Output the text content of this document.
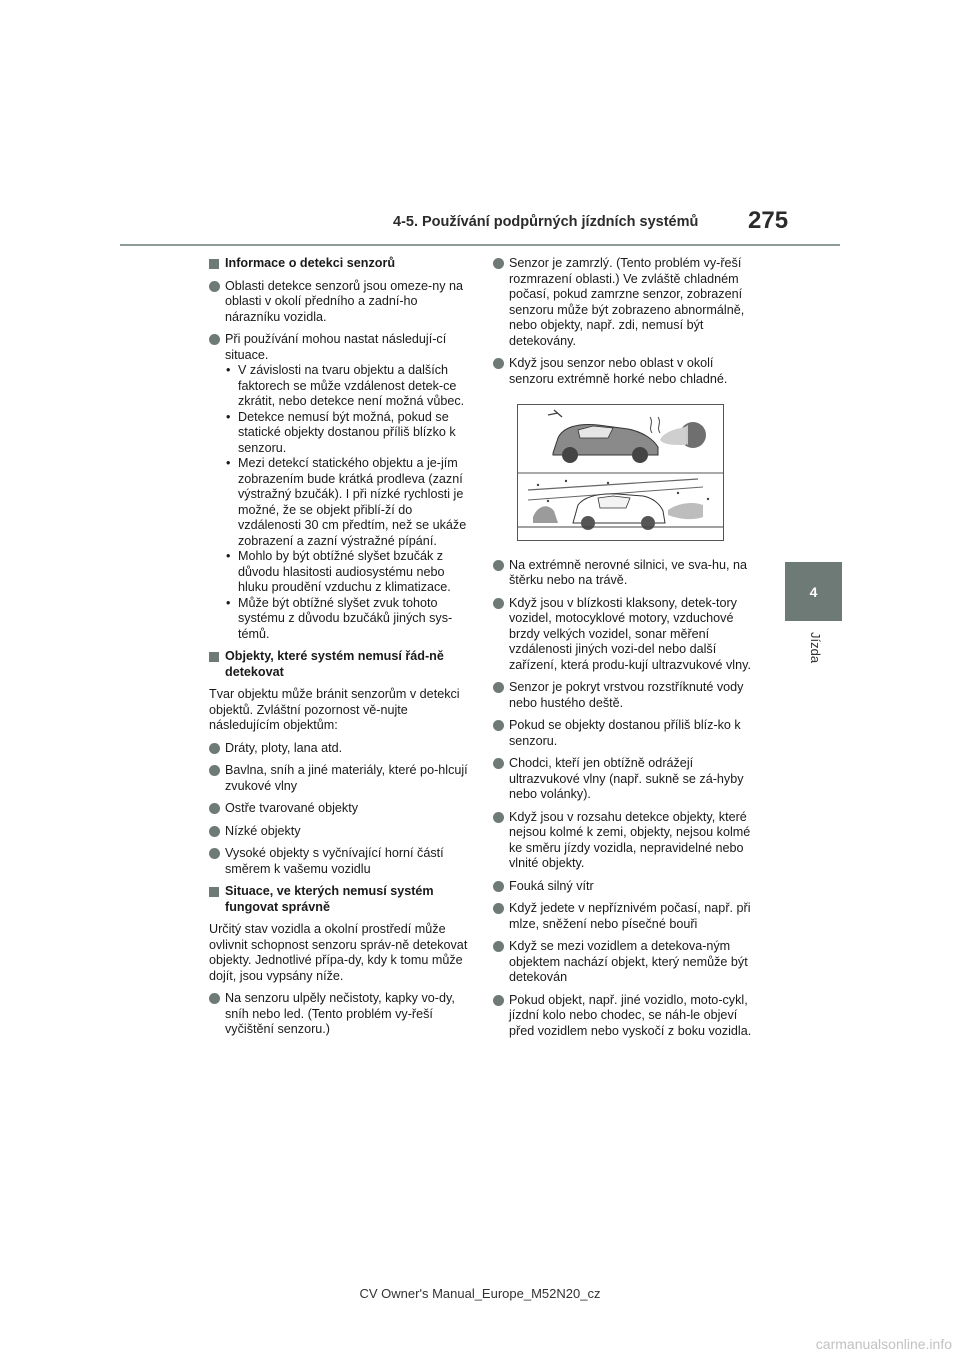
4-5. Používání podpůrných jízdních systémů 275
4
Jízda
Informace o detekci senzorů
Oblasti detekce senzorů jsou omeze-ny na oblasti v okolí předního a zadní-ho nárazníku vozidla.
Při používání mohou nastat následují-cí situace.
• V závislosti na tvaru objektu a dalších faktorech se může vzdálenost detek-ce zkrátit, nebo detekce není možná vůbec.
• Detekce nemusí být možná, pokud se statické objekty dostanou příliš blízko k senzoru.
• Mezi detekcí statického objektu a je-jím zobrazením bude krátká prodleva (zazní výstražný bzučák). I při nízké rychlosti je možné, že se objekt přiblí-ží do vzdálenosti 30 cm předtím, než se ukáže zobrazení a zazní výstražné pípání.
• Mohlo by být obtížné slyšet bzučák z důvodu hlasitosti audiosystému nebo hluku proudění vzduchu z klimatizace.
• Může být obtížné slyšet zvuk tohoto systému z důvodu bzučáků jiných sys-témů.
Objekty, které systém nemusí řád-ně detekovat
Tvar objektu může bránit senzorům v detekci objektů. Zvláštní pozornost vě-nujte následujícím objektům:
Dráty, ploty, lana atd.
Bavlna, sníh a jiné materiály, které po-hlcují zvukové vlny
Ostře tvarované objekty
Nízké objekty
Vysoké objekty s vyčnívající horní částí směrem k vašemu vozidlu
Situace, ve kterých nemusí systém fungovat správně
Určitý stav vozidla a okolní prostředí může ovlivnit schopnost senzoru správ-ně detekovat objekty. Jednotlivé přípa-dy, kdy k tomu může dojít, jsou vypsány níže.
Na senzoru ulpěly nečistoty, kapky vo-dy, sníh nebo led. (Tento problém vy-řeší vyčištění senzoru.)
Senzor je zamrzlý. (Tento problém vy-řeší rozmrazení oblasti.) Ve zvláště chladném počasí, pokud zamrzne senzor, zobrazení senzoru může být zobrazeno abnormálně, nebo objekty, např. zdi, nemusí být detekovány.
Když jsou senzor nebo oblast v okolí senzoru extrémně horké nebo chladné.
Na extrémně nerovné silnici, ve sva-hu, na štěrku nebo na trávě.
Když jsou v blízkosti klaksony, detek-tory vozidel, motocyklové motory, vzduchové brzdy velkých vozidel, sonar měření vzdálenosti jiných vozi-del nebo další zařízení, která produ-kují ultrazvukové vlny.
Senzor je pokryt vrstvou rozstříknuté vody nebo hustého deště.
Pokud se objekty dostanou příliš blíz-ko k senzoru.
Chodci, kteří jen obtížně odrážejí ultrazvukové vlny (např. sukně se zá-hyby nebo volánky).
Když jsou v rozsahu detekce objekty, které nejsou kolmé k zemi, objekty, nejsou kolmé ke směru jízdy vozidla, nepravidelné nebo vlnité objekty.
Fouká silný vítr
Když jedete v nepříznivém počasí, např. při mlze, sněžení nebo písečné bouři
Když se mezi vozidlem a detekova-ným objektem nachází objekt, který nemůže být detekován
Pokud objekt, např. jiné vozidlo, moto-cykl, jízdní kolo nebo chodec, se náh-le objeví před vozidlem nebo vyskočí z boku vozidla.
CV Owner's Manual_Europe_M52N20_cz
carmanualsonline.info
